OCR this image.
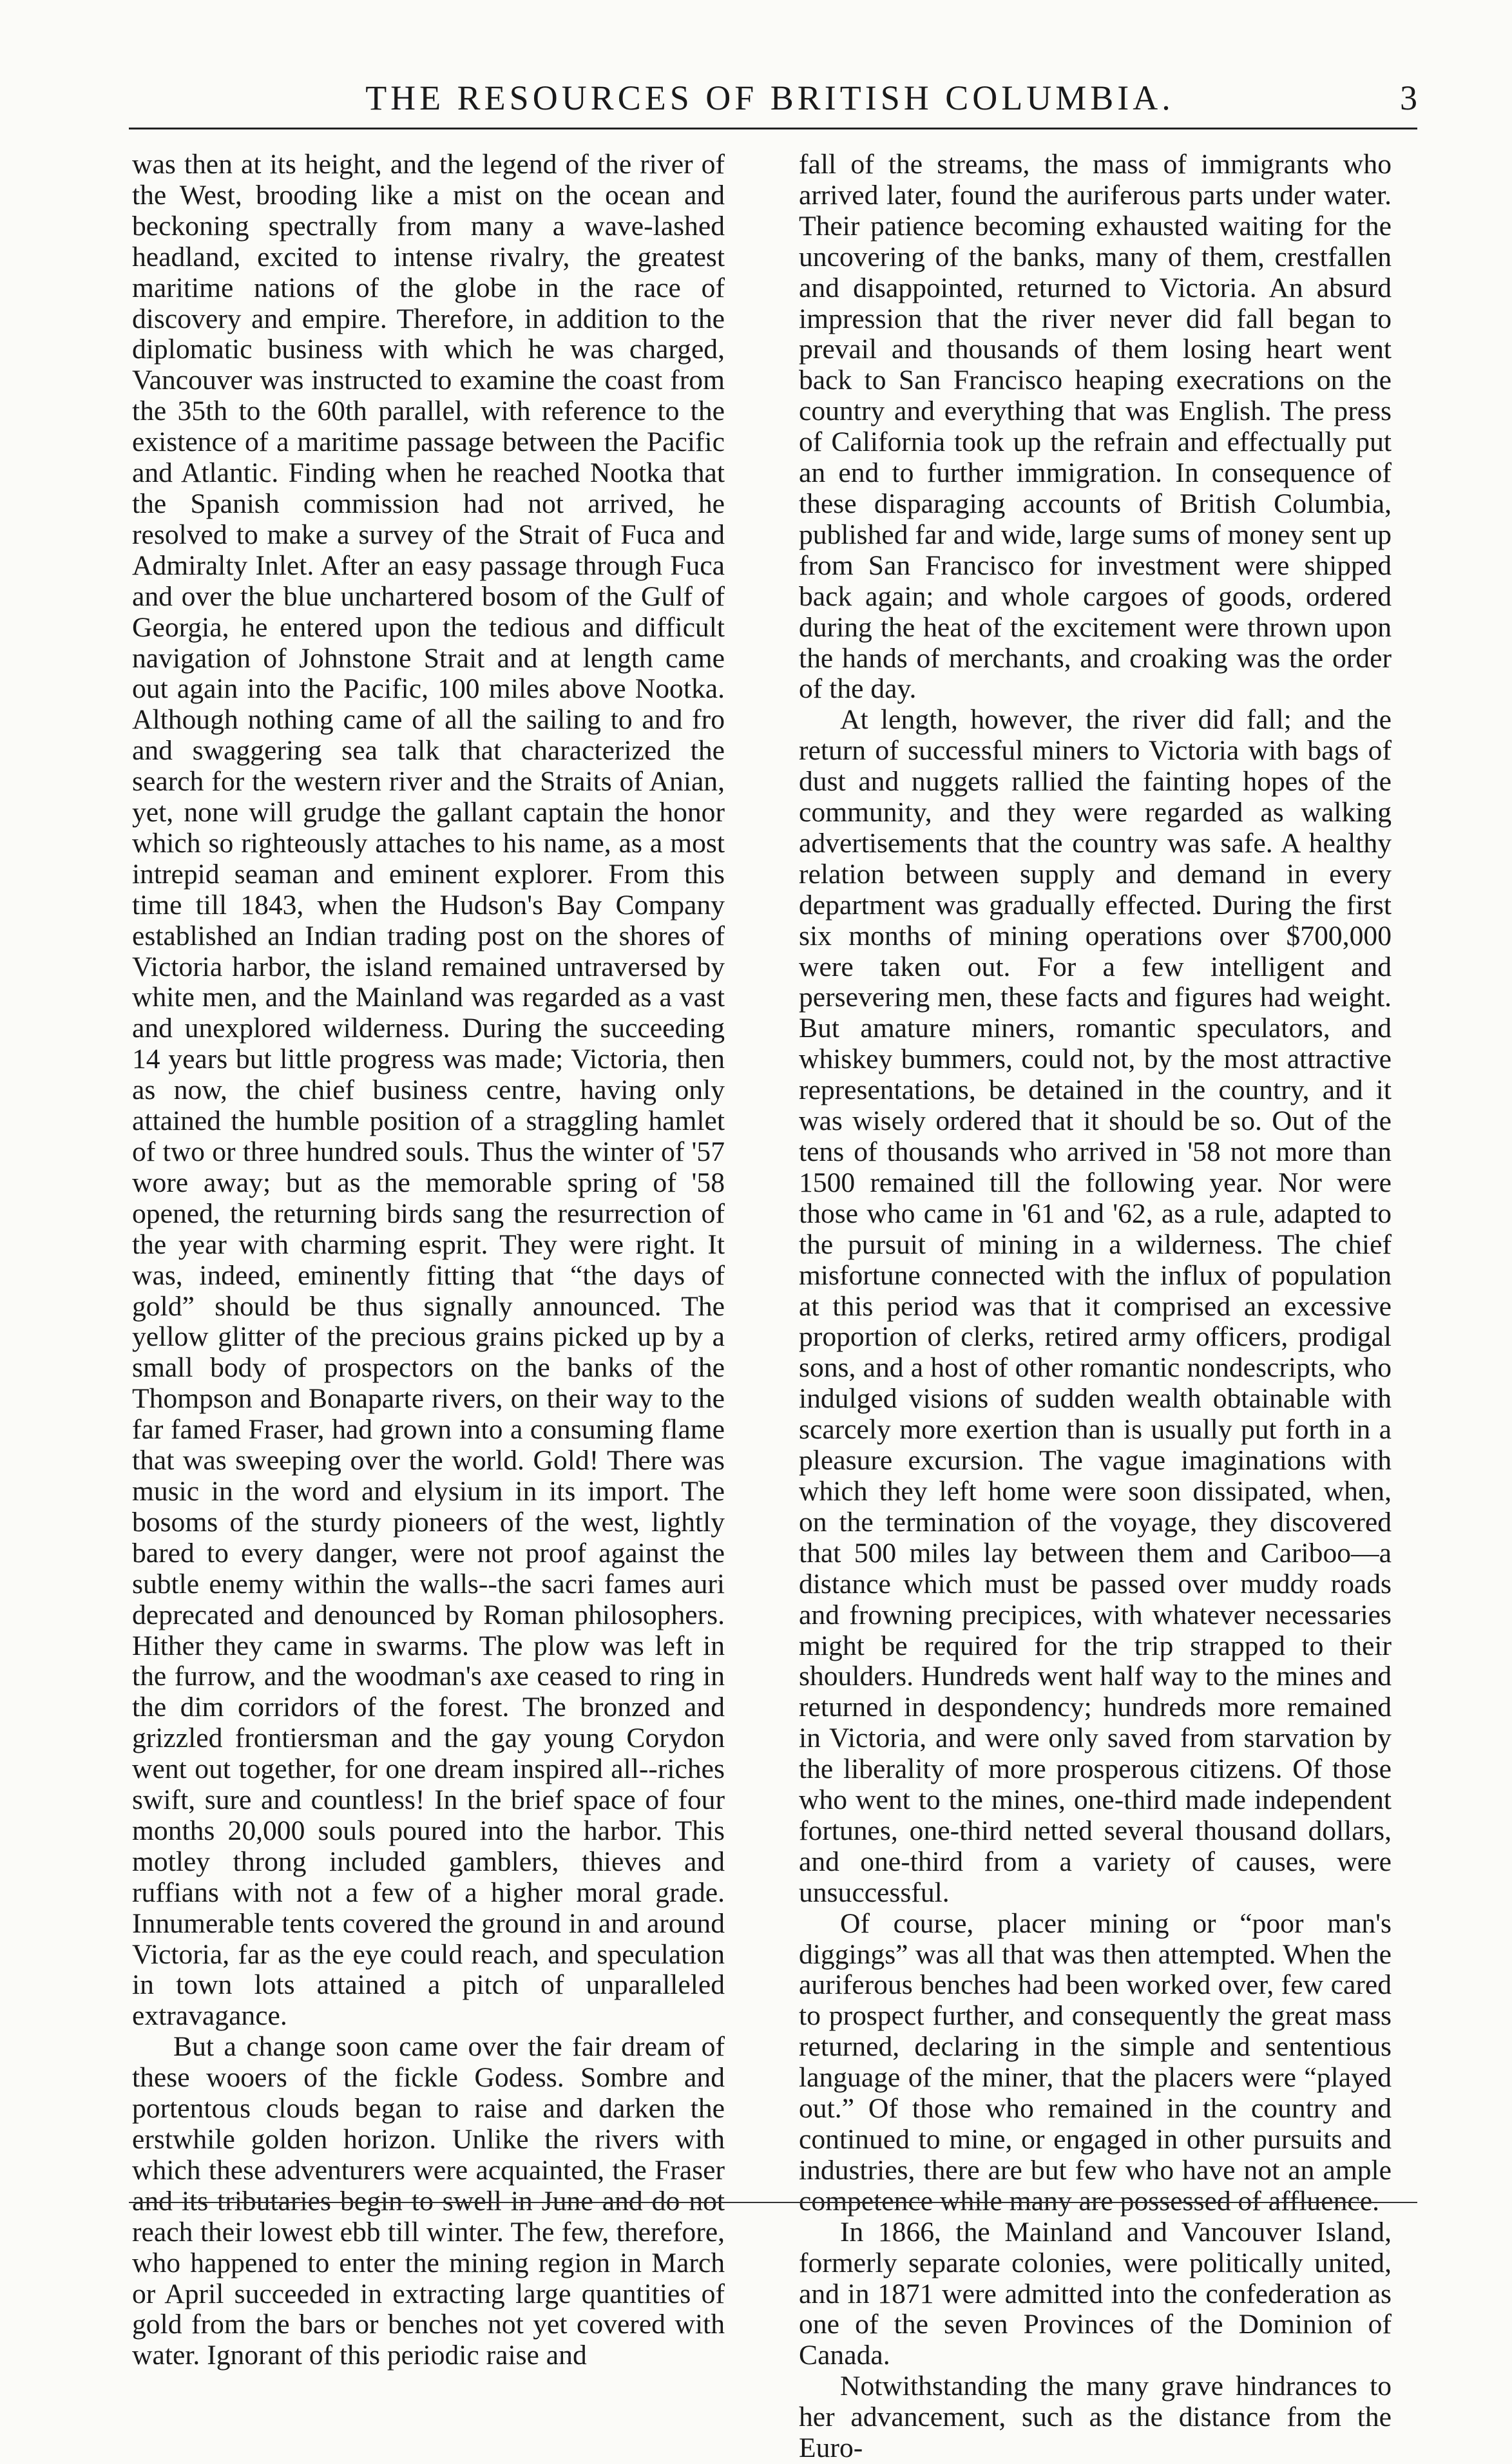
THE RESOURCES OF BRITISH COLUMBIA.	3

was then at its height, and the legend of the river of the West, brooding like a mist on the ocean and beckoning spectrally from many a wave-lashed headland, excited to intense rivalry, the greatest maritime nations of the globe in the race of discovery and empire. Therefore, in addition to the diplomatic business with which he was charged, Vancouver was instructed to examine the coast from the 35th to the 60th parallel, with reference to the existence of a maritime passage between the Pacific and Atlantic. Finding when he reached Nootka that the Spanish commission had not arrived, he resolved to make a survey of the Strait of Fuca and Admiralty Inlet. After an easy passage through Fuca and over the blue unchartered bosom of the Gulf of Georgia, he entered upon the tedious and difficult navigation of Johnstone Strait and at length came out again into the Pacific, 100 miles above Nootka. Although nothing came of all the sailing to and fro and swaggering sea talk that characterized the search for the western river and the Straits of Anian, yet, none will grudge the gallant captain the honor which so righteously attaches to his name, as a most intrepid seaman and eminent explorer. From this time till 1843, when the Hudson's Bay Company established an Indian trading post on the shores of Victoria harbor, the island remained untraversed by white men, and the Mainland was regarded as a vast and unexplored wilderness. During the succeeding 14 years but little progress was made; Victoria, then as now, the chief business centre, having only attained the humble position of a straggling hamlet of two or three hundred souls. Thus the winter of '57 wore away; but as the memorable spring of '58 opened, the returning birds sang the resurrection of the year with charming esprit. They were right. It was, indeed, eminently fitting that “the days of gold” should be thus signally announced. The yellow glitter of the precious grains picked up by a small body of prospectors on the banks of the Thompson and Bonaparte rivers, on their way to the far famed Fraser, had grown into a consuming flame that was sweeping over the world. Gold! There was music in the word and elysium in its import. The bosoms of the sturdy pioneers of the west, lightly bared to every danger, were not proof against the subtle enemy within the walls--the sacri fames auri deprecated and denounced by Roman philosophers. Hither they came in swarms. The plow was left in the furrow, and the woodman's axe ceased to ring in the dim corridors of the forest. The bronzed and grizzled frontiersman and the gay young Corydon went out together, for one dream inspired all--riches swift, sure and countless! In the brief space of four months 20,000 souls poured into the harbor. This motley throng included gamblers, thieves and ruffians with not a few of a higher moral grade. Innumerable tents covered the ground in and around Victoria, far as the eye could reach, and speculation in town lots attained a pitch of unparalleled extravagance.

But a change soon came over the fair dream of these wooers of the fickle Godess. Sombre and portentous clouds began to raise and darken the erstwhile golden horizon. Unlike the rivers with which these adventurers were acquainted, the Fraser and its tributaries begin to swell in June and do not reach their lowest ebb till winter. The few, therefore, who happened to enter the mining region in March or April succeeded in extracting large quantities of gold from the bars or benches not yet covered with water. Ignorant of this periodic raise and

fall of the streams, the mass of immigrants who arrived later, found the auriferous parts under water. Their patience becoming exhausted waiting for the uncovering of the banks, many of them, crestfallen and disappointed, returned to Victoria. An absurd impression that the river never did fall began to prevail and thousands of them losing heart went back to San Francisco heaping execrations on the country and everything that was English. The press of California took up the refrain and effectually put an end to further immigration. In consequence of these disparaging accounts of British Columbia, published far and wide, large sums of money sent up from San Francisco for investment were shipped back again; and whole cargoes of goods, ordered during the heat of the excitement were thrown upon the hands of merchants, and croaking was the order of the day.

At length, however, the river did fall; and the return of successful miners to Victoria with bags of dust and nuggets rallied the fainting hopes of the community, and they were regarded as walking advertisements that the country was safe. A healthy relation between supply and demand in every department was gradually effected. During the first six months of mining operations over $700,000 were taken out. For a few intelligent and persevering men, these facts and figures had weight. But amature miners, romantic speculators, and whiskey bummers, could not, by the most attractive representations, be detained in the country, and it was wisely ordered that it should be so. Out of the tens of thousands who arrived in '58 not more than 1500 remained till the following year. Nor were those who came in '61 and '62, as a rule, adapted to the pursuit of mining in a wilderness. The chief misfortune connected with the influx of population at this period was that it comprised an excessive proportion of clerks, retired army officers, prodigal sons, and a host of other romantic nondescripts, who indulged visions of sudden wealth obtainable with scarcely more exertion than is usually put forth in a pleasure excursion. The vague imaginations with which they left home were soon dissipated, when, on the termination of the voyage, they discovered that 500 miles lay between them and Cariboo—a distance which must be passed over muddy roads and frowning precipices, with whatever necessaries might be required for the trip strapped to their shoulders. Hundreds went half way to the mines and returned in despondency; hundreds more remained in Victoria, and were only saved from starvation by the liberality of more prosperous citizens. Of those who went to the mines, one-third made independent fortunes, one-third netted several thousand dollars, and one-third from a variety of causes, were unsuccessful.

Of course, placer mining or “poor man's diggings” was all that was then attempted. When the auriferous benches had been worked over, few cared to prospect further, and consequently the great mass returned, declaring in the simple and sententious language of the miner, that the placers were “played out.” Of those who remained in the country and continued to mine, or engaged in other pursuits and industries, there are but few who have not an ample competence while many are possessed of affluence.

In 1866, the Mainland and Vancouver Island, formerly separate colonies, were politically united, and in 1871 were admitted into the confederation as one of the seven Provinces of the Dominion of Canada.

Notwithstanding the many grave hindrances to her advancement, such as the distance from the Euro-
